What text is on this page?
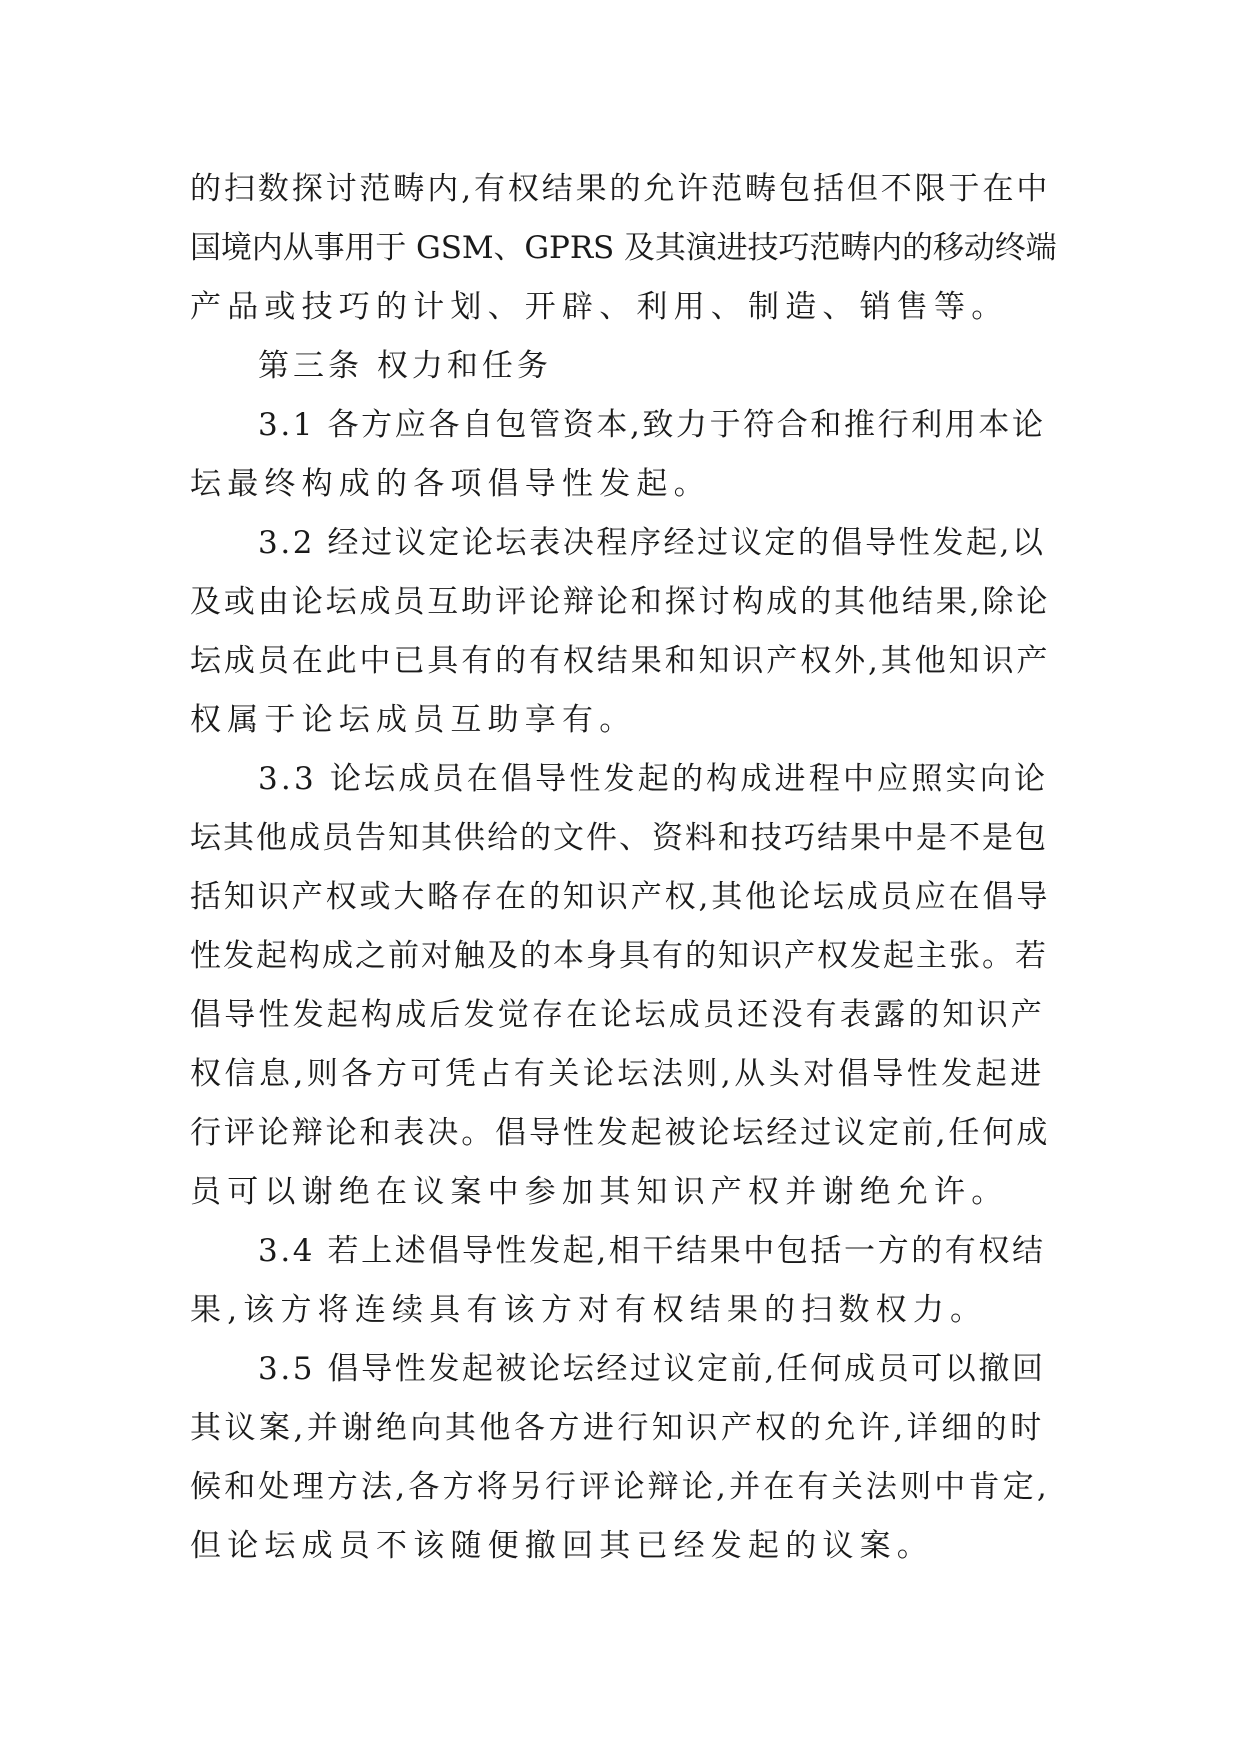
的扫数探讨范畴内,有权结果的允许范畴包括但不限于在中
国境内从事用于 GSM、GPRS 及其演进技巧范畴内的移动终端
产品或技巧的计划、开辟、利用、制造、销售等。
第三条 权力和任务
3.1 各方应各自包管资本,致力于符合和推行利用本论
坛最终构成的各项倡导性发起。
3.2 经过议定论坛表决程序经过议定的倡导性发起,以
及或由论坛成员互助评论辩论和探讨构成的其他结果,除论
坛成员在此中已具有的有权结果和知识产权外,其他知识产
权属于论坛成员互助享有。
3.3 论坛成员在倡导性发起的构成进程中应照实向论
坛其他成员告知其供给的文件、资料和技巧结果中是不是包
括知识产权或大略存在的知识产权,其他论坛成员应在倡导
性发起构成之前对触及的本身具有的知识产权发起主张。若
倡导性发起构成后发觉存在论坛成员还没有表露的知识产
权信息,则各方可凭占有关论坛法则,从头对倡导性发起进
行评论辩论和表决。倡导性发起被论坛经过议定前,任何成
员可以谢绝在议案中参加其知识产权并谢绝允许。
3.4 若上述倡导性发起,相干结果中包括一方的有权结
果,该方将连续具有该方对有权结果的扫数权力。
3.5 倡导性发起被论坛经过议定前,任何成员可以撤回
其议案,并谢绝向其他各方进行知识产权的允许,详细的时
候和处理方法,各方将另行评论辩论,并在有关法则中肯定,
但论坛成员不该随便撤回其已经发起的议案。
